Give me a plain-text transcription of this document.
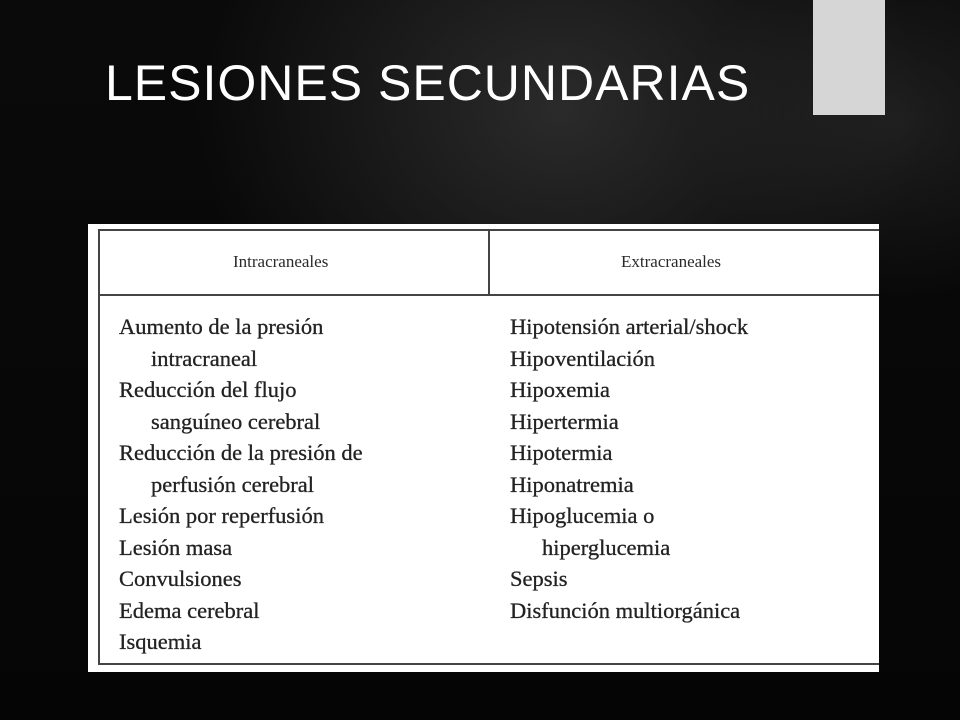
LESIONES SECUNDARIAS
Intracraneales	Extracraneales
Aumento de la presión
intracraneal
Reducción del flujo
sanguíneo cerebral
Reducción de la presión de
perfusión cerebral
Lesión por reperfusión
Lesión masa
Convulsiones
Edema cerebral
Isquemia
Hipotensión arterial/shock
Hipoventilación
Hipoxemia
Hipertermia
Hipotermia
Hiponatremia
Hipoglucemia o
hiperglucemia
Sepsis
Disfunción multiorgánica
